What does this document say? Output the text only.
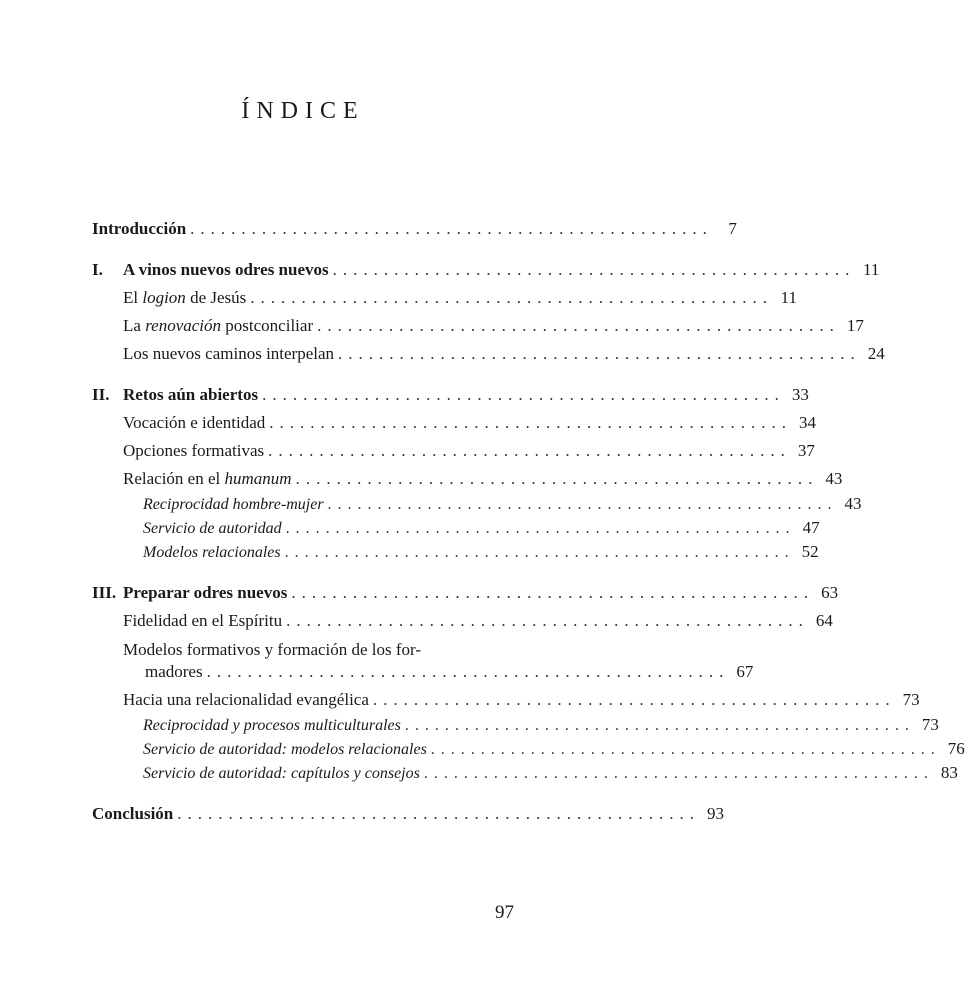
ÍNDICE
Introducción ................................................... 7
I. A vinos nuevos odres nuevos ................................................... 11
El logion de Jesús ................................................... 11
La renovación postconciliar ................................................... 17
Los nuevos caminos interpelan ................................................... 24
II. Retos aún abiertos ................................................... 33
Vocación e identidad ................................................... 34
Opciones formativas ................................................... 37
Relación en el humanum ................................................... 43
Reciprocidad hombre-mujer ................................................... 43
Servicio de autoridad ................................................... 47
Modelos relacionales ................................................... 52
III. Preparar odres nuevos ................................................... 63
Fidelidad en el Espíritu ................................................... 64
Modelos formativos y formación de los for-
madores ................................................... 67
Hacia una relacionalidad evangélica ................................................... 73
Reciprocidad y procesos multiculturales ................................................... 73
Servicio de autoridad: modelos relacionales ................................................... 76
Servicio de autoridad: capítulos y consejos ................................................... 83
Conclusión ................................................... 93
97
